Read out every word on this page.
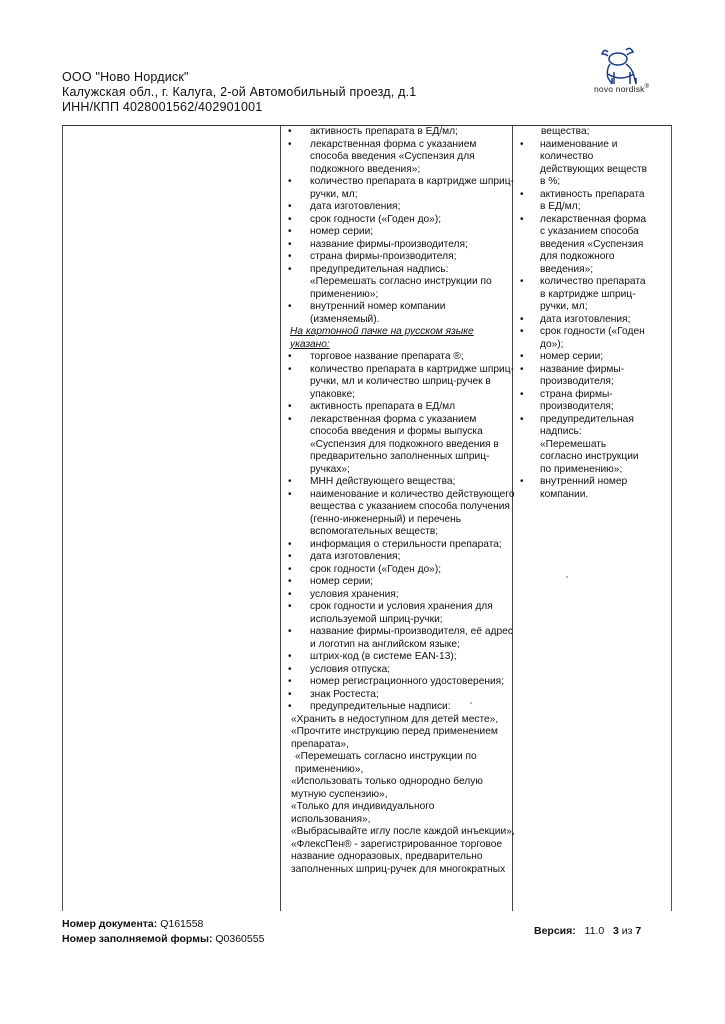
ООО "Ново Нордиск"
Калужская обл., г. Калуга, 2-ой Автомобильный проезд, д.1
ИНН/КПП 4028001562/402901001
novo nordisk®
• активность препарата в ЕД/мл;
• лекарственная форма с указанием способа введения «Суспензия для подкожного введения»;
• количество препарата в картридже шприц-ручки, мл;
• дата изготовления;
• срок годности («Годен до»);
• номер серии;
• название фирмы-производителя;
• страна фирмы-производителя;
• предупредительная надпись: «Перемешать согласно инструкции по применению»;
• внутренний номер компании (изменяемый).
На картонной пачке на русском языке указано:
• торговое название препарата ®;
• количество препарата в картридже шприц-ручки, мл и количество шприц-ручек в упаковке;
• активность препарата в ЕД/мл
• лекарственная форма с указанием способа введения и формы выпуска «Суспензия для подкожного введения в предварительно заполненных шприц-ручках»;
• МНН действующего вещества;
• наименование и количество действующего вещества с указанием способа получения (генно-инженерный) и перечень вспомогательных веществ;
• информация о стерильности препарата;
• дата изготовления;
• срок годности («Годен до»);
• номер серии;
• условия хранения;
• срок годности и условия хранения для используемой шприц-ручки;
• название фирмы-производителя, её адрес и логотип на английском языке;
• штрих-код (в системе EAN-13);
• условия отпуска;
• номер регистрационного удостоверения;
• знак Ростеста;
• предупредительные надписи:

«Хранить в недоступном для детей месте»,

«Прочтите инструкцию перед применением препарата»,

«Перемешать согласно инструкции по применению»,

«Использовать только однородно белую мутную суспензию»,

«Только для индивидуального использования»,

«Выбрасывайте иглу после каждой инъекции»,

«ФлексПен® - зарегистрированное торговое название одноразовых, предварительно заполненных шприц-ручек для многократных

вещества;
• наименование и количество действующих веществ в %;
• активность препарата в ЕД/мл;
• лекарственная форма с указанием способа введения «Суспензия для подкожного введения»;
• количество препарата в картридже шприц-ручки, мл;
• дата изготовления;
• срок годности («Годен до»);
• номер серии;
• название фирмы-производителя;
• страна фирмы-производителя;
• предупредительная надпись: «Перемешать согласно инструкции по применению»;
• внутренний номер компании.
Номер документа: Q161558
Номер заполняемой формы: Q0360555
Версия: 11.0 3 из 7
